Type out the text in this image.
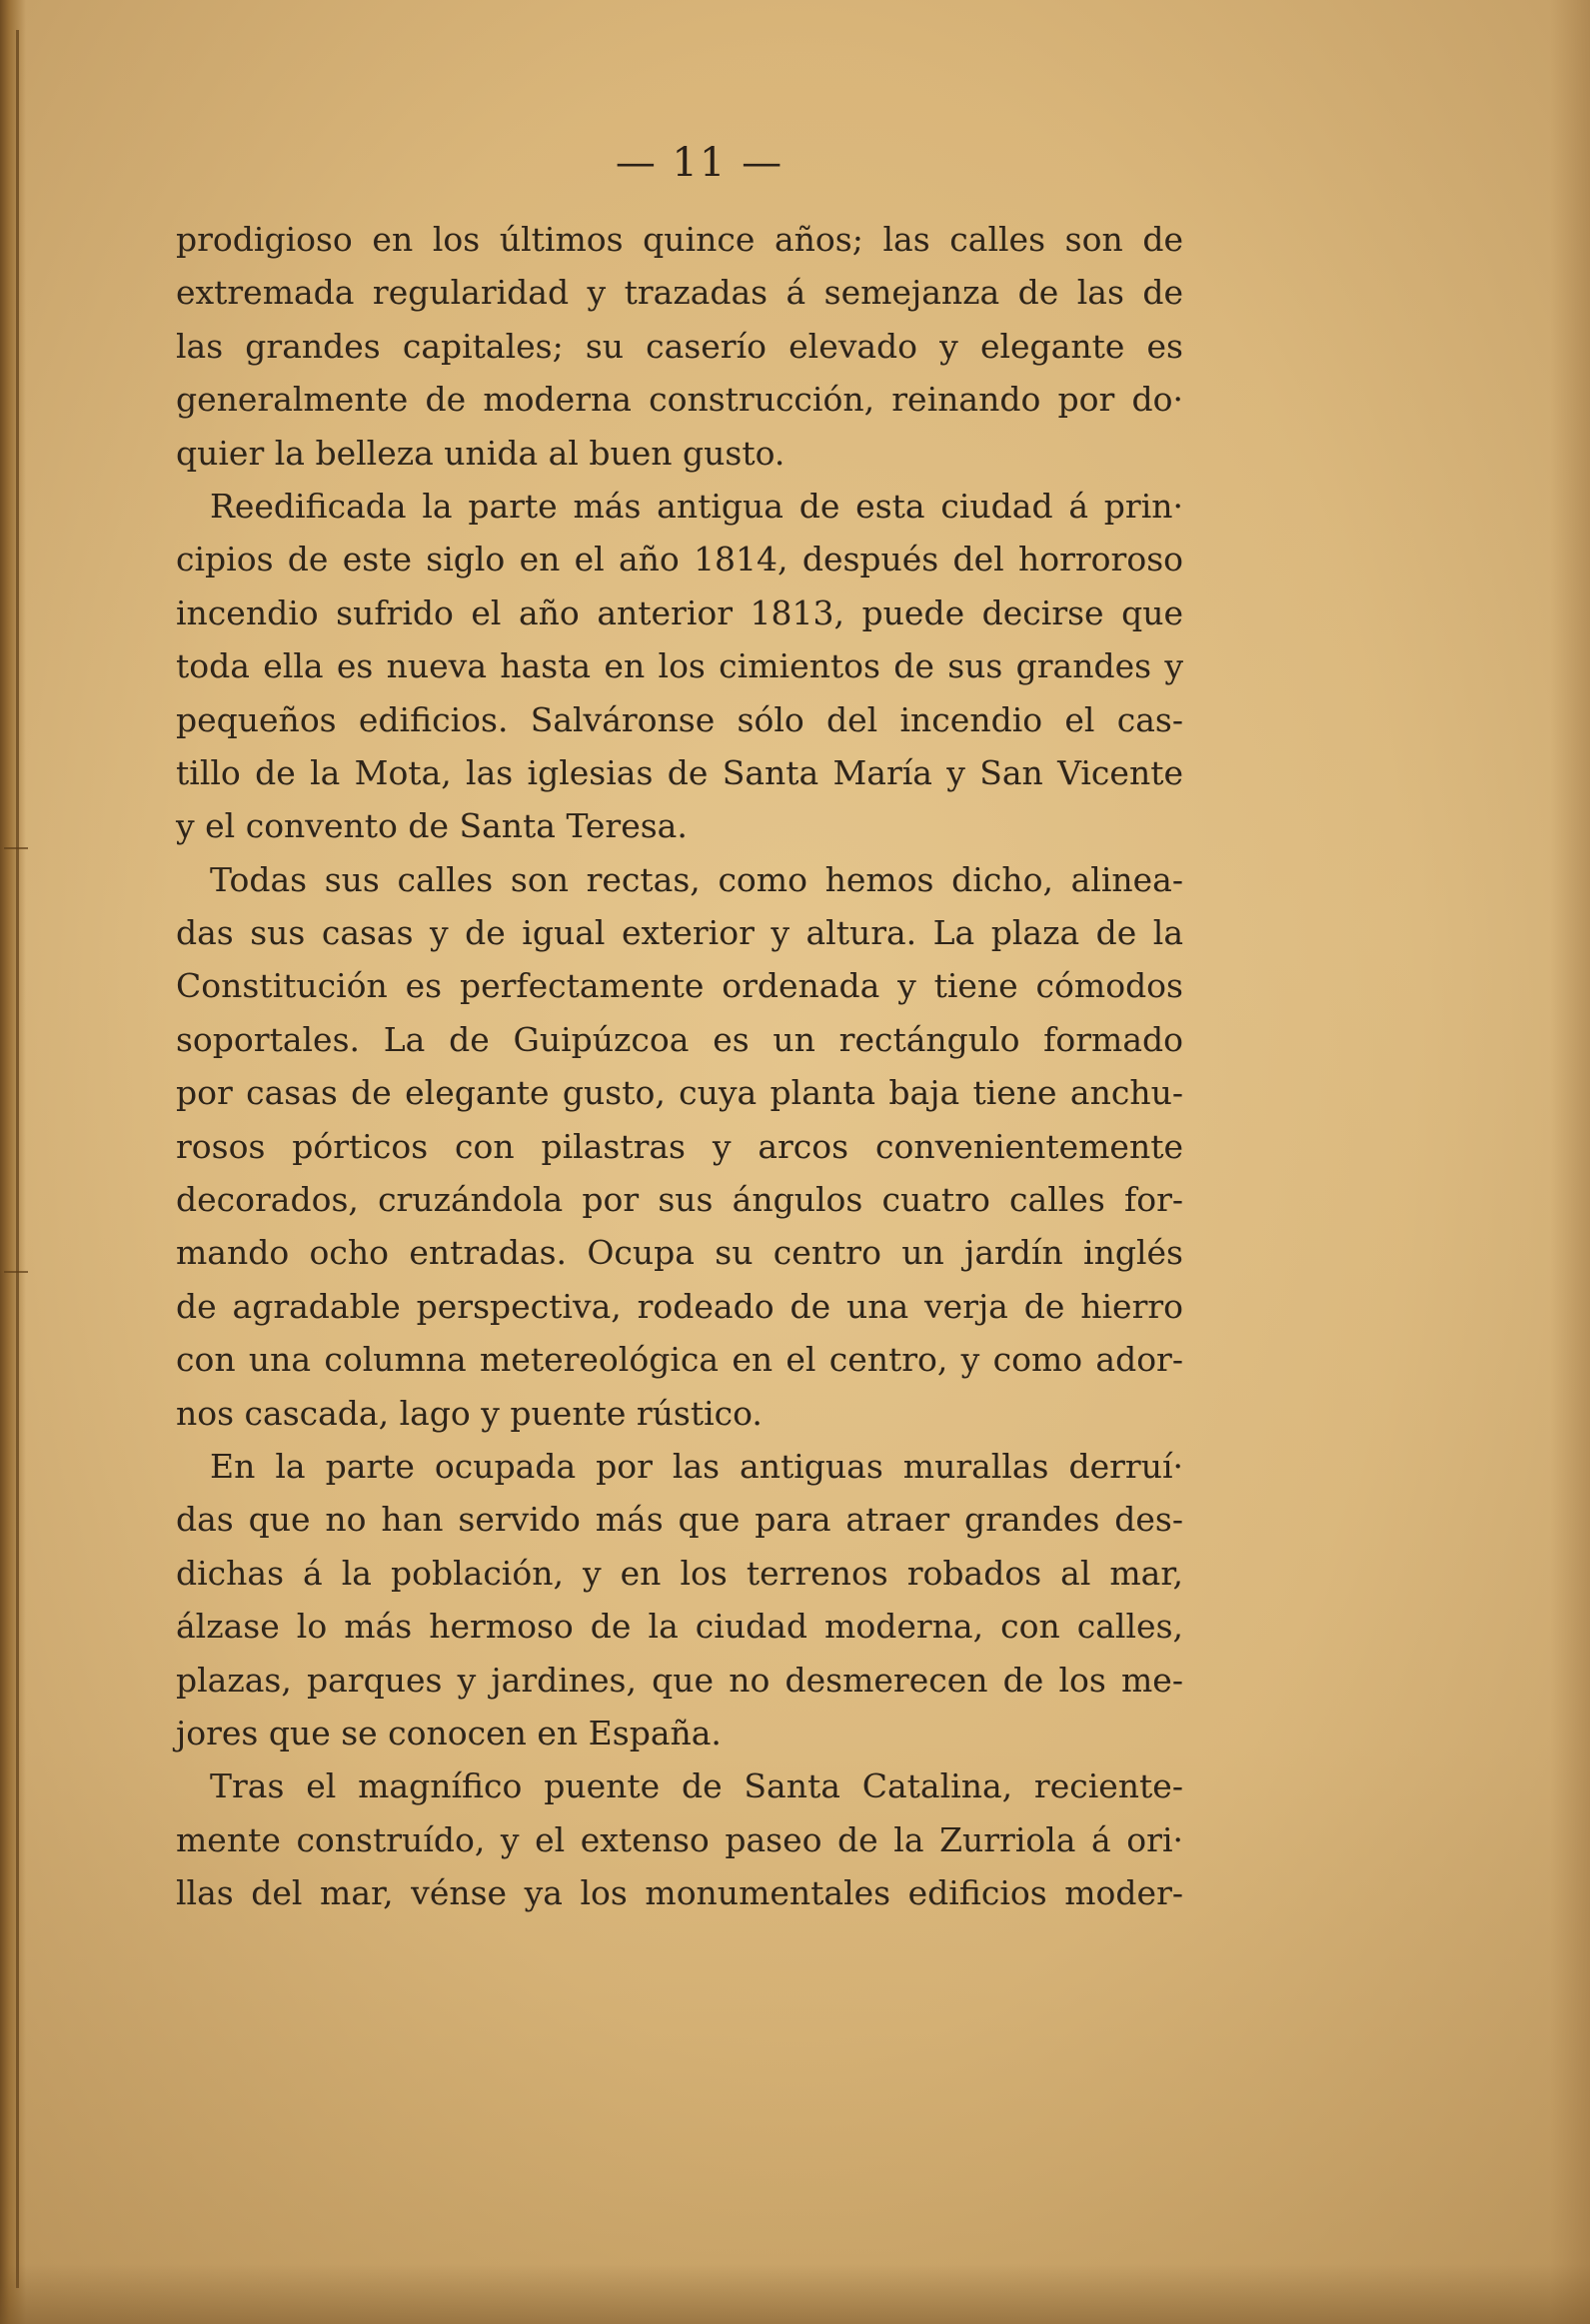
— 11 —

prodigioso en los últimos quince años; las calles son de
extremada regularidad y trazadas á semejanza de las de
las grandes capitales; su caserío elevado y elegante es
generalmente de moderna construcción, reinando por do·
quier la belleza unida al buen gusto.
Reedificada la parte más antigua de esta ciudad á prin·
cipios de este siglo en el año 1814, después del horroroso
incendio sufrido el año anterior 1813, puede decirse que
toda ella es nueva hasta en los cimientos de sus grandes y
pequeños edificios. Salváronse sólo del incendio el cas-
tillo de la Mota, las iglesias de Santa María y San Vicente
y el convento de Santa Teresa.
Todas sus calles son rectas, como hemos dicho, alinea-
das sus casas y de igual exterior y altura. La plaza de la
Constitución es perfectamente ordenada y tiene cómodos
soportales. La de Guipúzcoa es un rectángulo formado
por casas de elegante gusto, cuya planta baja tiene anchu-
rosos pórticos con pilastras y arcos convenientemente
decorados, cruzándola por sus ángulos cuatro calles for-
mando ocho entradas. Ocupa su centro un jardín inglés
de agradable perspectiva, rodeado de una verja de hierro
con una columna metereológica en el centro, y como ador-
nos cascada, lago y puente rústico.
En la parte ocupada por las antiguas murallas derruí·
das que no han servido más que para atraer grandes des-
dichas á la población, y en los terrenos robados al mar,
álzase lo más hermoso de la ciudad moderna, con calles,
plazas, parques y jardines, que no desmerecen de los me-
jores que se conocen en España.
Tras el magnífico puente de Santa Catalina, reciente-
mente construído, y el extenso paseo de la Zurriola á ori·
llas del mar, vénse ya los monumentales edificios moder-
